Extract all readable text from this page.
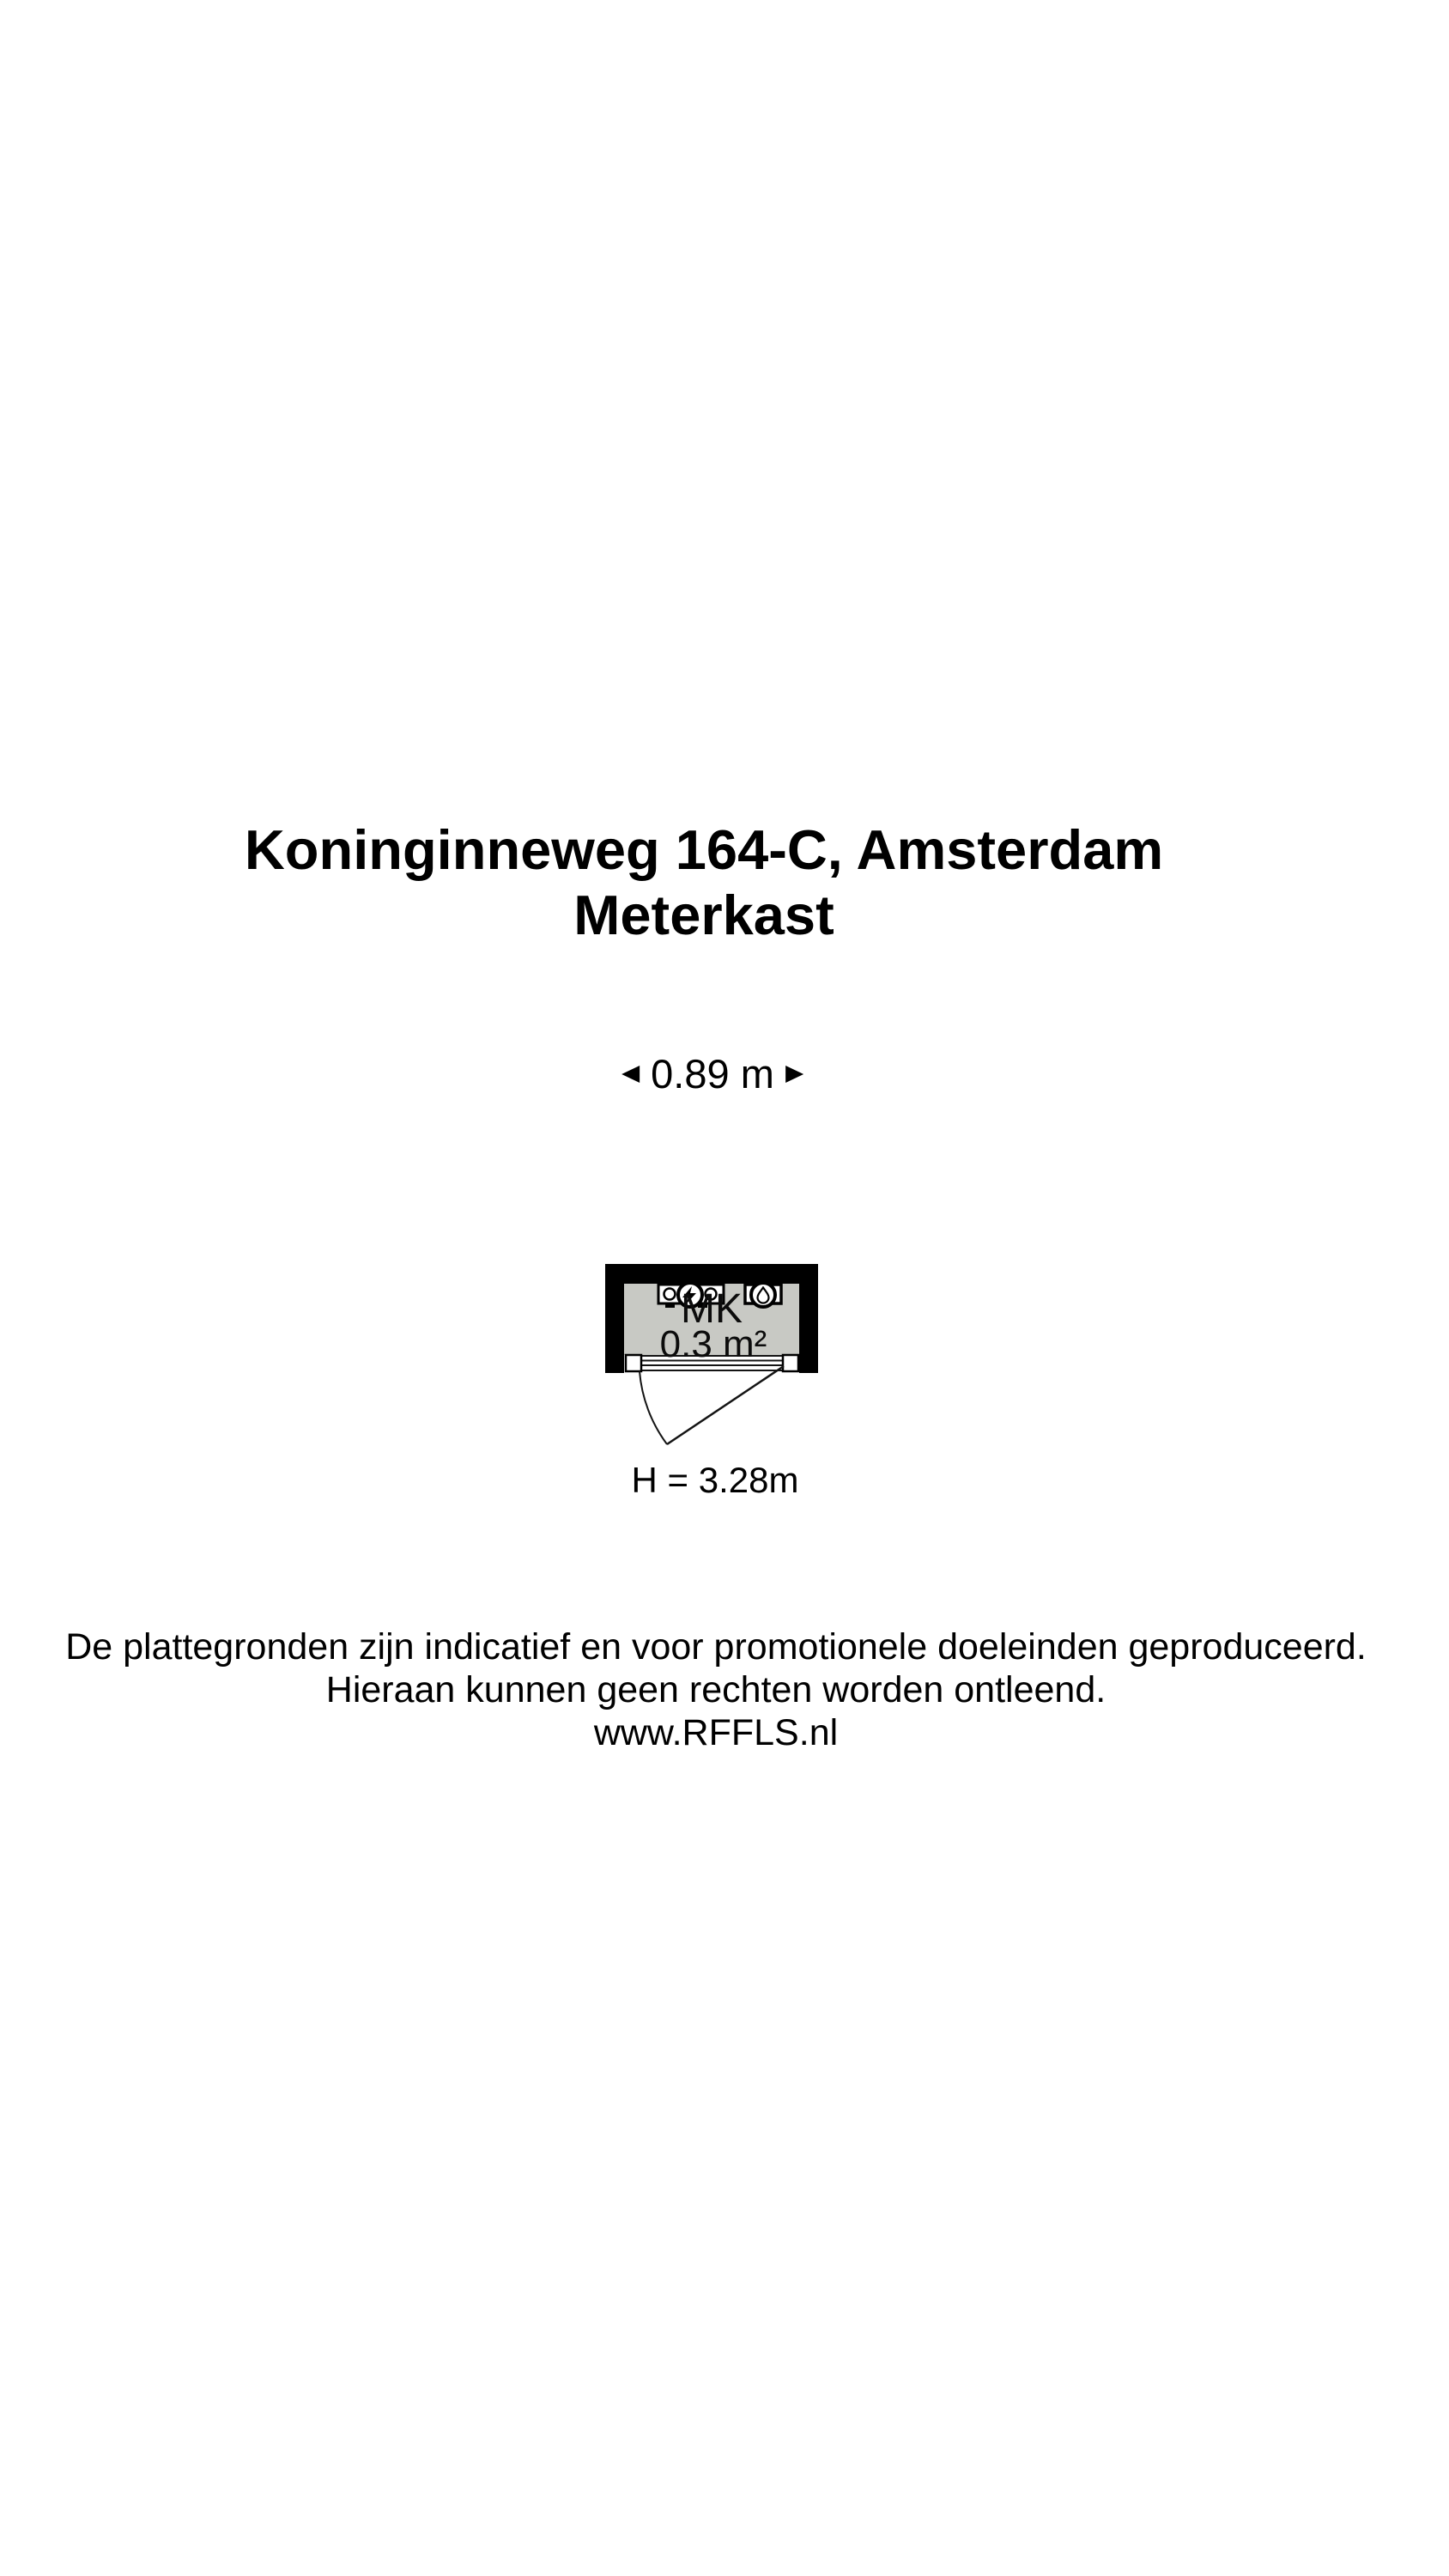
Koninginneweg 164-C, Amsterdam
Meterkast
0.89 m
MK
0.3 m²
H = 3.28m
De plattegronden zijn indicatief en voor promotionele doeleinden geproduceerd.
Hieraan kunnen geen rechten worden ontleend.
www.RFFLS.nl
